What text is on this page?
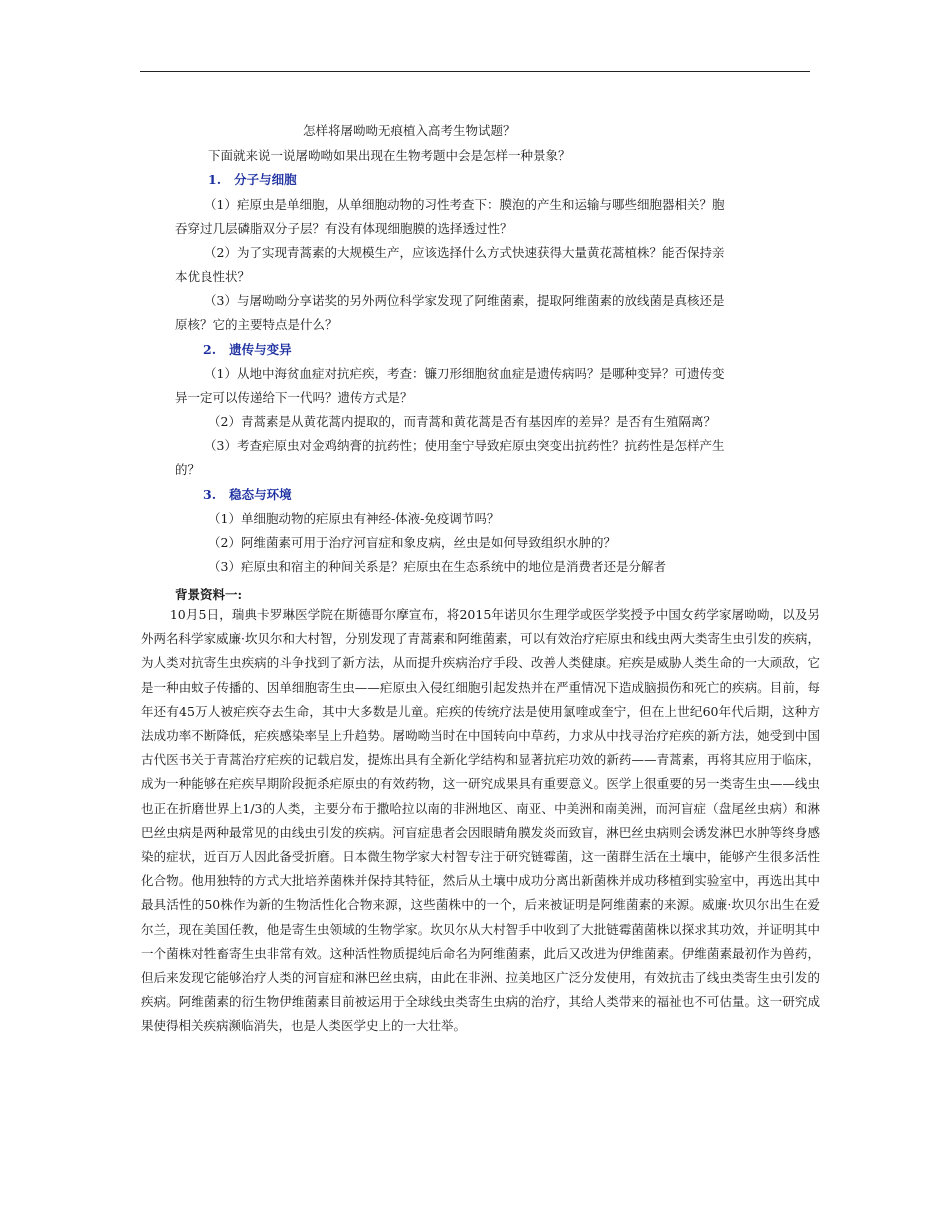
怎样将屠呦呦无痕植入高考生物试题？
下面就来说一说屠呦呦如果出现在生物考题中会是怎样一种景象？
1.   分子与细胞
（1）疟原虫是单细胞，从单细胞动物的习性考查下：膜泡的产生和运输与哪些细胞器相关？胞
吞穿过几层磷脂双分子层？有没有体现细胞膜的选择透过性？
（2）为了实现青蒿素的大规模生产，应该选择什么方式快速获得大量黄花蒿植株？能否保持亲
本优良性状？
（3）与屠呦呦分享诺奖的另外两位科学家发现了阿维菌素，提取阿维菌素的放线菌是真核还是
原核？它的主要特点是什么？
2.   遗传与变异
（1）从地中海贫血症对抗疟疾，考查：镰刀形细胞贫血症是遗传病吗？是哪种变异？可遗传变
异一定可以传递给下一代吗？遗传方式是？
（2）青蒿素是从黄花蒿内提取的，而青蒿和黄花蒿是否有基因库的差异？是否有生殖隔离？
（3）考查疟原虫对金鸡纳膏的抗药性；使用奎宁导致疟原虫突变出抗药性？抗药性是怎样产生
的？
3.   稳态与环境
（1）单细胞动物的疟原虫有神经-体液-免疫调节吗？
（2）阿维菌素可用于治疗河盲症和象皮病，丝虫是如何导致组织水肿的？
（3）疟原虫和宿主的种间关系是？疟原虫在生态系统中的地位是消费者还是分解者
背景资料一:
10月5日，瑞典卡罗琳医学院在斯德哥尔摩宣布，将2015年诺贝尔生理学或医学奖授予中国女药学家屠呦呦，以及另外两名科学家威廉·坎贝尔和大村智，分别发现了青蒿素和阿维菌素，可以有效治疗疟原虫和线虫两大类寄生虫引发的疾病，为人类对抗寄生虫疾病的斗争找到了新方法，从而提升疾病治疗手段、改善人类健康。疟疾是威胁人类生命的一大顽敌，它是一种由蚊子传播的、因单细胞寄生虫——疟原虫入侵红细胞引起发热并在严重情况下造成脑损伤和死亡的疾病。目前，每年还有45万人被疟疾夺去生命，其中大多数是儿童。疟疾的传统疗法是使用氯喹或奎宁，但在上世纪60年代后期，这种方法成功率不断降低，疟疾感染率呈上升趋势。屠呦呦当时在中国转向中草药，力求从中找寻治疗疟疾的新方法，她受到中国古代医书关于青蒿治疗疟疾的记载启发，提炼出具有全新化学结构和显著抗疟功效的新药——青蒿素，再将其应用于临床，成为一种能够在疟疾早期阶段扼杀疟原虫的有效药物，这一研究成果具有重要意义。医学上很重要的另一类寄生虫——线虫也正在折磨世界上1/3的人类，主要分布于撒哈拉以南的非洲地区、南亚、中美洲和南美洲，而河盲症（盘尾丝虫病）和淋巴丝虫病是两种最常见的由线虫引发的疾病。河盲症患者会因眼睛角膜发炎而致盲，淋巴丝虫病则会诱发淋巴水肿等终身感染的症状，近百万人因此备受折磨。日本微生物学家大村智专注于研究链霉菌，这一菌群生活在土壤中，能够产生很多活性化合物。他用独特的方式大批培养菌株并保持其特征，然后从土壤中成功分离出新菌株并成功移植到实验室中，再选出其中最具活性的50株作为新的生物活性化合物来源，这些菌株中的一个，后来被证明是阿维菌素的来源。威廉·坎贝尔出生在爱尔兰，现在美国任教，他是寄生虫领域的生物学家。坎贝尔从大村智手中收到了大批链霉菌菌株以探求其功效，并证明其中一个菌株对牲畜寄生虫非常有效。这种活性物质提纯后命名为阿维菌素，此后又改进为伊维菌素。伊维菌素最初作为兽药，但后来发现它能够治疗人类的河盲症和淋巴丝虫病，由此在非洲、拉美地区广泛分发使用，有效抗击了线虫类寄生虫引发的疾病。阿维菌素的衍生物伊维菌素目前被运用于全球线虫类寄生虫病的治疗，其给人类带来的福祉也不可估量。这一研究成果使得相关疾病濒临消失，也是人类医学史上的一大壮举。
